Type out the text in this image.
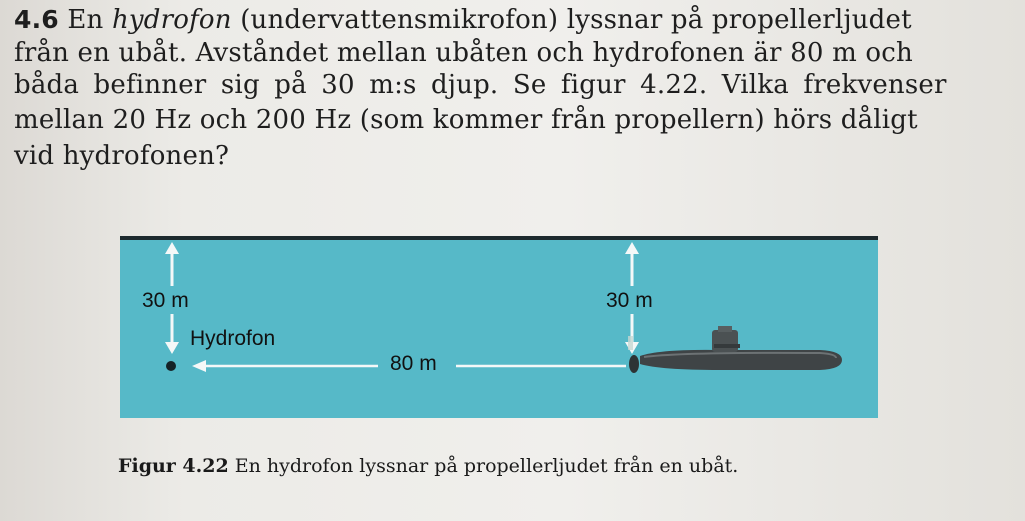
4.6 En hydrofon (undervattensmikrofon) lyssnar på propellerljudet
från en ubåt. Avståndet mellan ubåten och hydrofonen är 80 m och
båda befinner sig på 30 m:s djup. Se figur 4.22. Vilka frekvenser
mellan 20 Hz och 200 Hz (som kommer från propellern) hörs dåligt
vid hydrofonen?
30 m	30 m
Hydrofon
80 m
Figur 4.22 En hydrofon lyssnar på propellerljudet från en ubåt.
